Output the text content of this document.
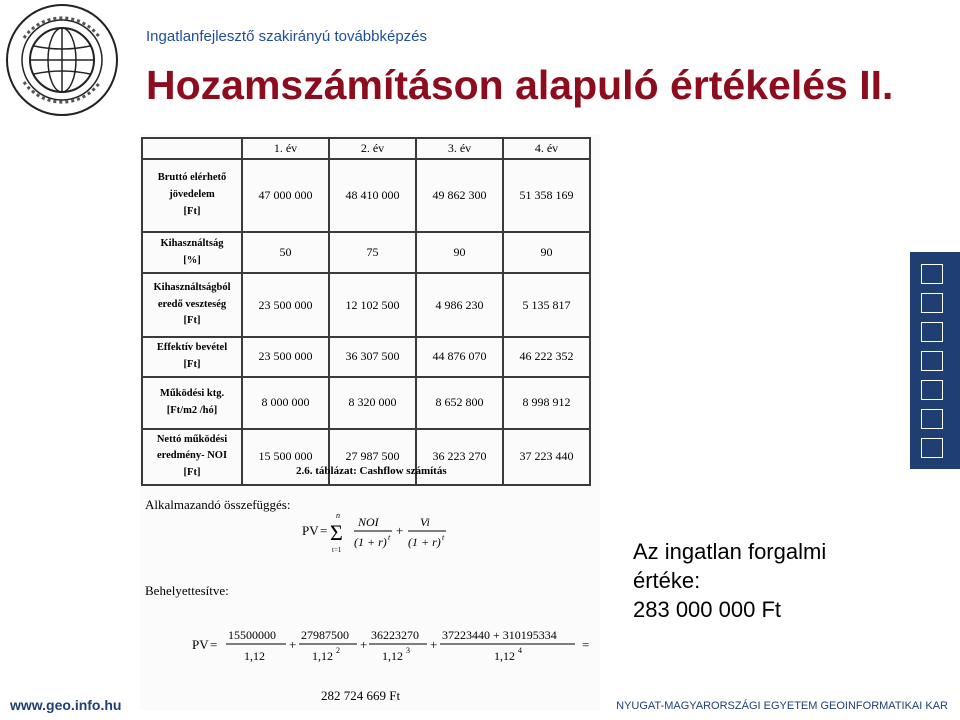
Ingatlanfejlesztő szakirányú továbbképzés
Hozamszámításon alapuló értékelés II.
	1. év	2. év	3. év	4. év
Bruttó elérhető jövedelem
[Ft]	47 000 000	48 410 000	49 862 300	51 358 169
Kihasználtság
[%]	50	75	90	90
Kihasználtságból eredő veszteség
[Ft]	23 500 000	12 102 500	4 986 230	5 135 817
Effektív bevétel
[Ft]	23 500 000	36 307 500	44 876 070	46 222 352
Működési ktg.
[Ft/m2 /hó]	8 000 000	8 320 000	8 652 800	8 998 912
Nettó működési eredmény- NOI
[Ft]	15 500 000	27 987 500	36 223 270	37 223 440
2.6. táblázat: Cashflow számítás
Alkalmazandó összefüggés:
PV =
n
Σ
t=1
NOI
(1 + r) t +
Vi
(1 + r) t
Behelyettesítve:
PV =
15500000
1,12
+
27987500
1,12 2 +
36223270
1,12 3 +
37223440 + 310195334
1,12 4	=
282 724 669 Ft
Az ingatlan forgalmi
értéke:
283 000 000 Ft
www.geo.info.hu	NYUGAT-MAGYARORSZÁGI EGYETEM GEOINFORMATIKAI KAR
